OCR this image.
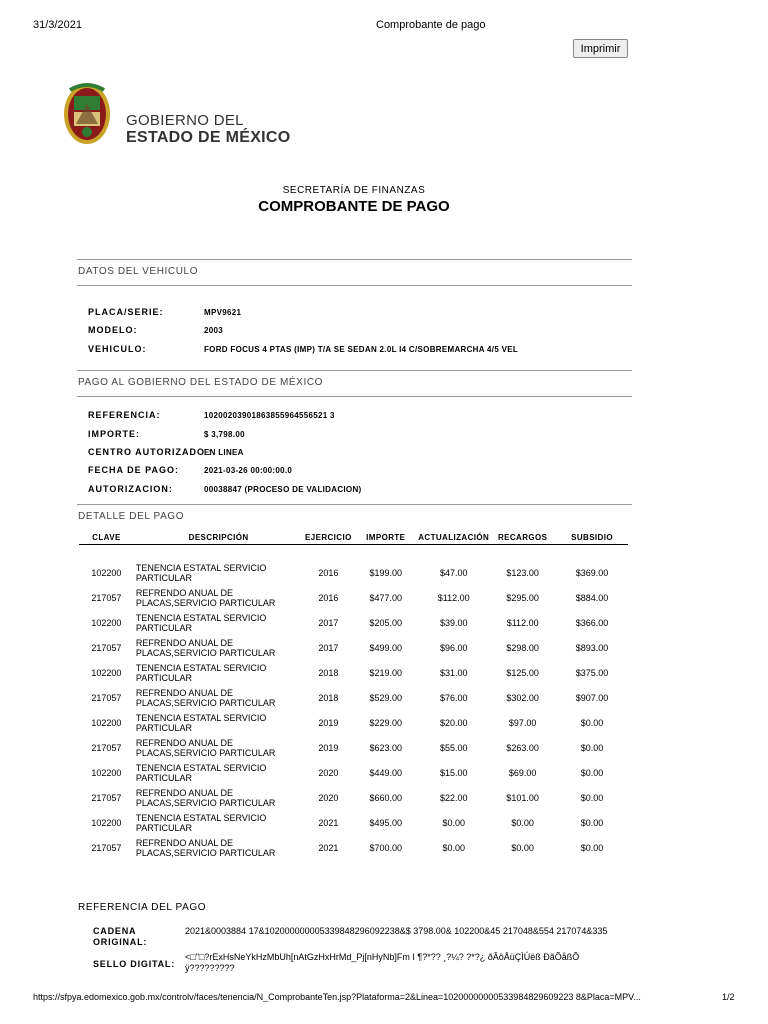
31/3/2021	Comprobante de pago
Imprimir
GOBIERNO DEL
ESTADO DE MÉXICO
SECRETARÍA DE FINANZAS
COMPROBANTE DE PAGO
DATOS DEL VEHICULO
PLACA/SERIE:	MPV9621
MODELO:	2003
VEHICULO:	FORD FOCUS 4 PTAS (IMP) T/A SE SEDAN 2.0L I4 C/SOBREMARCHA 4/5 VEL
PAGO AL GOBIERNO DEL ESTADO DE MÉXICO
REFERENCIA:	10200203901863855964556521 3
IMPORTE:	$ 3,798.00
CENTRO AUTORIZADO :
EN LINEA
FECHA DE PAGO:	2021-03-26 00:00:00.0
AUTORIZACION:	00038847 (PROCESO DE VALIDACION)
DETALLE DEL PAGO
CLAVE	DESCRIPCIÓN	EJERCICIO	IMPORTE	ACTUALIZACIÓN	RECARGOS	SUBSIDIO

102200	TENENCIA ESTATAL SERVICIO PARTICULAR	2016	$199.00	$47.00	$123.00	$369.00
217057	REFRENDO ANUAL DE PLACAS,SERVICIO PARTICULAR	2016	$477.00	$112.00	$295.00	$884.00
102200	TENENCIA ESTATAL SERVICIO PARTICULAR	2017	$205.00	$39.00	$112.00	$366.00
217057	REFRENDO ANUAL DE PLACAS,SERVICIO PARTICULAR	2017	$499.00	$96.00	$298.00	$893.00
102200	TENENCIA ESTATAL SERVICIO PARTICULAR	2018	$219.00	$31.00	$125.00	$375.00
217057	REFRENDO ANUAL DE PLACAS,SERVICIO PARTICULAR	2018	$529.00	$76.00	$302.00	$907.00
102200	TENENCIA ESTATAL SERVICIO PARTICULAR	2019	$229.00	$20.00	$97.00	$0.00
217057	REFRENDO ANUAL DE PLACAS,SERVICIO PARTICULAR	2019	$623.00	$55.00	$263.00	$0.00
102200	TENENCIA ESTATAL SERVICIO PARTICULAR	2020	$449.00	$15.00	$69.00	$0.00
217057	REFRENDO ANUAL DE PLACAS,SERVICIO PARTICULAR	2020	$660.00	$22.00	$101.00	$0.00
102200	TENENCIA ESTATAL SERVICIO PARTICULAR	2021	$495.00	$0.00	$0.00	$0.00
217057	REFRENDO ANUAL DE PLACAS,SERVICIO PARTICULAR	2021	$700.00	$0.00	$0.00	$0.00
REFERENCIA DEL PAGO
CADENA ORIGINAL:
2021&0003884 17&102000000005339848296092238&$ 3798.00& 102200&45 217048&554 217074&335
SELLO DIGITAL:
<□"□?rExHsNeYkHzMbUh[nAtGzHxHrMd_Pj[nHyNb]Fm I ¶?*?? ¸?¼? ?*?¿ ðÂôÅüÇÌÚëß ÐãÕåßÕÿ?????????
https://sfpya.edomexico.gob.mx/controlv/faces/tenencia/N_ComprobanteTen.jsp?Plataforma=2&Linea=10200000000533984829609223 8&Placa=MPV...	1/2
